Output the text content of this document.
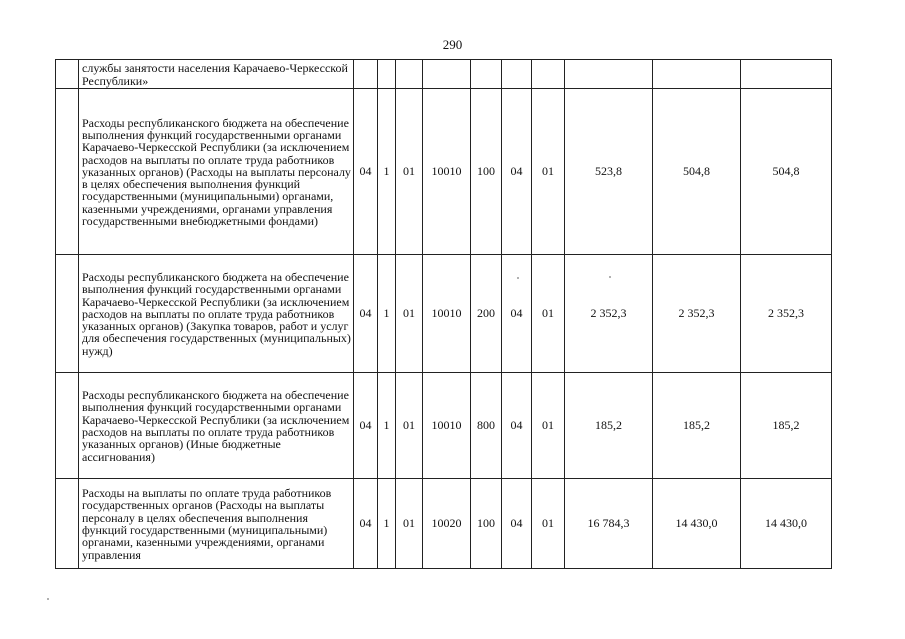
290
	службы занятости населения Карачаево-Черкесской Республики»										
	Расходы республиканского бюджета на обеспечение выполнения функций государственными органами Карачаево-Черкесской Республики (за исключением расходов на выплаты по оплате труда работников указанных органов) (Расходы на выплаты персоналу в целях обеспечения выполнения функций государственными (муниципальными) органами, казенными учреждениями, органами управления государственными внебюджетными фондами)	04	1	01	10010	100	04	01	523,8	504,8	504,8
	Расходы республиканского бюджета на обеспечение выполнения функций государственными органами Карачаево-Черкесской Республики (за исключением расходов на выплаты по оплате труда работников указанных органов) (Закупка товаров, работ и услуг для обеспечения государственных (муниципальных) нужд)	04	1	01	10010	200	04	01	2 352,3	2 352,3	2 352,3
	Расходы республиканского бюджета на обеспечение выполнения функций государственными органами Карачаево-Черкесской Республики (за исключением расходов на выплаты по оплате труда работников указанных органов) (Иные бюджетные ассигнования)	04	1	01	10010	800	04	01	185,2	185,2	185,2
	Расходы на выплаты по оплате труда работников государственных органов (Расходы на выплаты персоналу в целях обеспечения выполнения функций государственными (муниципальными) органами, казенными учреждениями, органами управления	04	1	01	10020	100	04	01	16 784,3	14 430,0	14 430,0
